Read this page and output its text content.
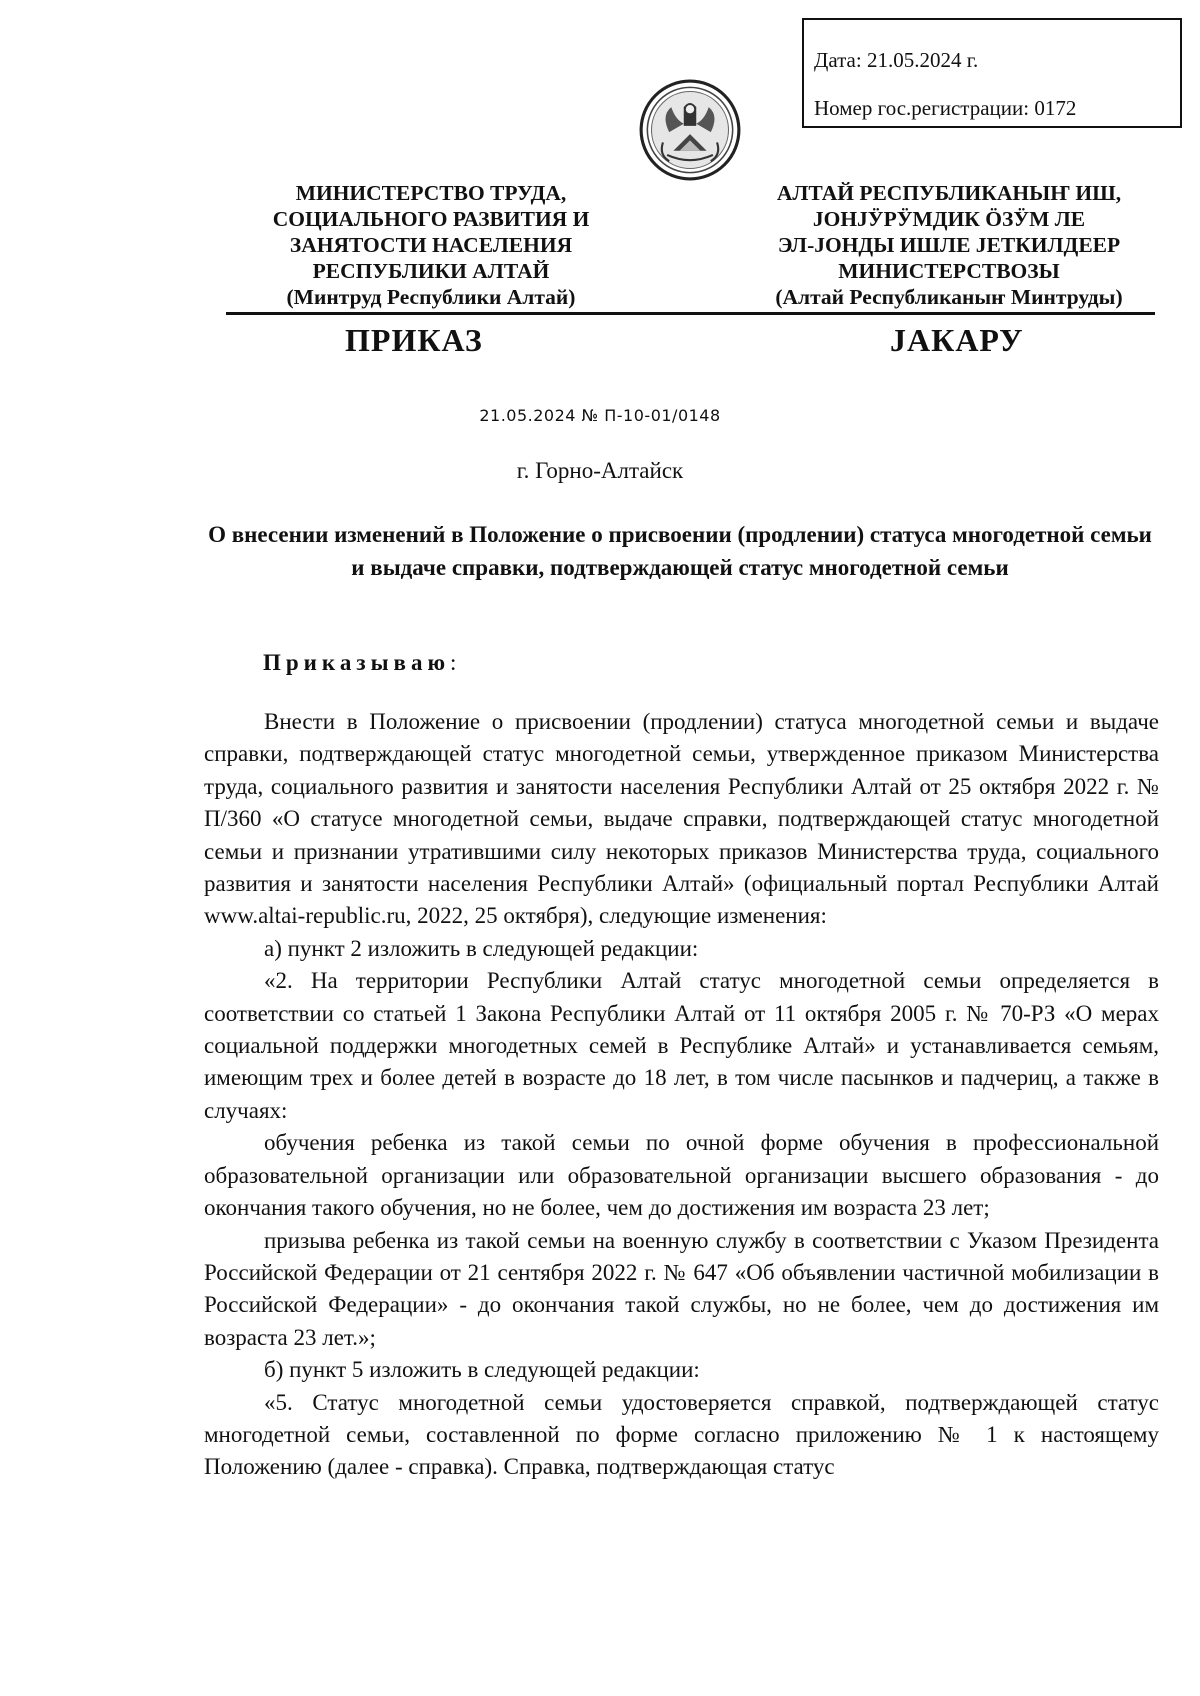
Дата: 21.05.2024 г.
Номер гос.регистрации: 0172
МИНИСТЕРСТВО ТРУДА,
СОЦИАЛЬНОГО РАЗВИТИЯ И
ЗАНЯТОСТИ НАСЕЛЕНИЯ
РЕСПУБЛИКИ АЛТАЙ
(Минтруд Республики Алтай)
АЛТАЙ РЕСПУБЛИКАНЫҤ ИШ,
ЈОНЈӰРӰМДИК ÖЗӰМ ЛЕ
ЭЛ-ЈОНДЫ ИШЛЕ ЈЕТКИЛДЕЕР
МИНИСТЕРСТВОЗЫ
(Алтай Республиканыҥ Минтруды)
ПРИКАЗ	ЈАКАРУ
21.05.2024 № П-10-01/0148
г. Горно-Алтайск
О внесении изменений в Положение о присвоении (продлении) статуса многодетной семьи и выдаче справки, подтверждающей статус многодетной семьи
Приказываю:

Внести в Положение о присвоении (продлении) статуса многодетной семьи и выдаче справки, подтверждающей статус многодетной семьи, утвержденное приказом Министерства труда, социального развития и занятости населения Республики Алтай от 25 октября 2022 г. № П/360 «О статусе многодетной семьи, выдаче справки, подтверждающей статус многодетной семьи и признании утратившими силу некоторых приказов Министерства труда, социального развития и занятости населения Республики Алтай» (официальный портал Республики Алтай www.altai-republic.ru, 2022, 25 октября), следующие изменения:

а) пункт 2 изложить в следующей редакции:

«2. На территории Республики Алтай статус многодетной семьи определяется в соответствии со статьей 1 Закона Республики Алтай от 11 октября 2005 г. № 70-РЗ «О мерах социальной поддержки многодетных семей в Республике Алтай» и устанавливается семьям, имеющим трех и более детей в возрасте до 18 лет, в том числе пасынков и падчериц, а также в случаях:

обучения ребенка из такой семьи по очной форме обучения в профессиональной образовательной организации или образовательной организации высшего образования - до окончания такого обучения, но не более, чем до достижения им возраста 23 лет;

призыва ребенка из такой семьи на военную службу в соответствии с Указом Президента Российской Федерации от 21 сентября 2022 г. № 647 «Об объявлении частичной мобилизации в Российской Федерации» - до окончания такой службы, но не более, чем до достижения им возраста 23 лет.»;

б) пункт 5 изложить в следующей редакции:

«5. Статус многодетной семьи удостоверяется справкой, подтверждающей статус многодетной семьи, составленной по форме согласно приложению № 1 к настоящему Положению (далее - справка). Справка, подтверждающая статус
